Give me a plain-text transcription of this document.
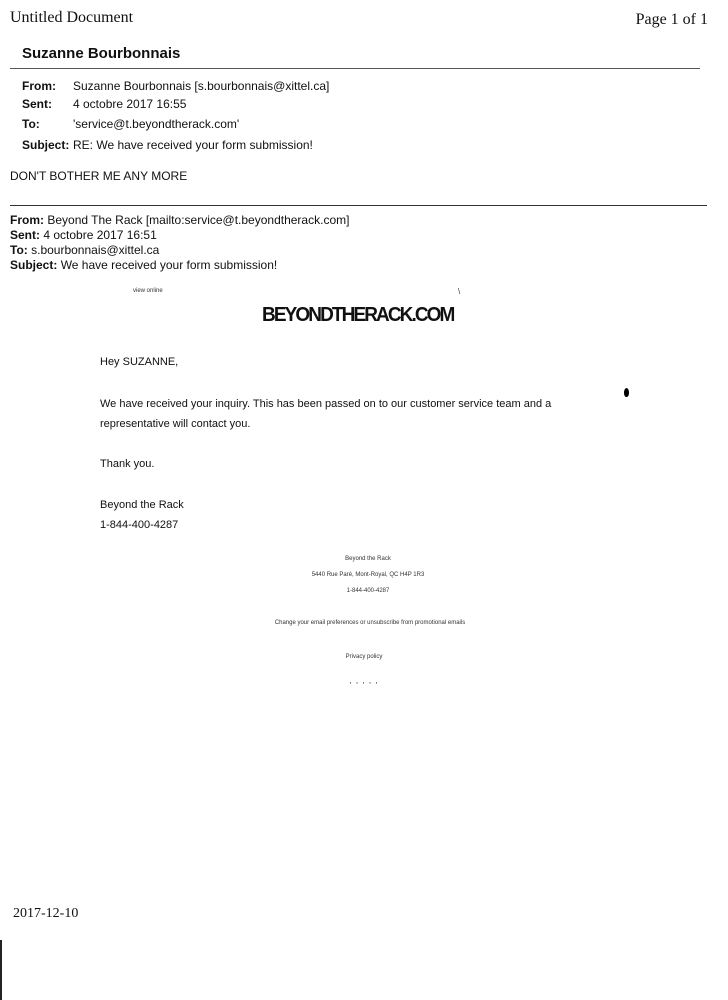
Untitled Document	Page 1 of 1
Suzanne Bourbonnais
From: Suzanne Bourbonnais [s.bourbonnais@xittel.ca]
Sent: 4 octobre 2017 16:55
To:	'service@t.beyondtherack.com'
Subject: RE: We have received your form submission!
DON'T BOTHER ME ANY MORE
From: Beyond The Rack [mailto:service@t.beyondtherack.com]
Sent: 4 octobre 2017 16:51
To: s.bourbonnais@xittel.ca
Subject: We have received your form submission!
view online	\
BEYONDTHERACK.COM
Hey SUZANNE,
We have received your inquiry. This has been passed on to our customer service team and a
representative will contact you.
Thank you.
Beyond the Rack
1-844-400-4287
Beyond the Rack
5440 Rue Paré, Mont-Royal, QC H4P 1R3
1-844-400-4287
Change your email preferences or unsubscribe from promotional emails
Privacy policy
, , , , ,
2017-12-10
